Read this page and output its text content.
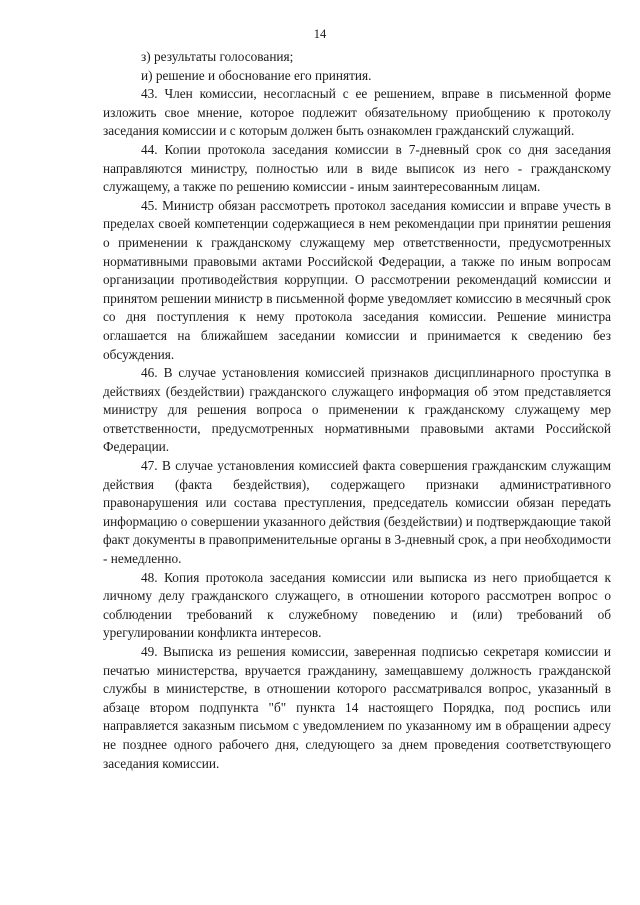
14

з) результаты голосования;

и) решение и обоснование его принятия.

43. Член комиссии, несогласный с ее решением, вправе в письменной форме изложить свое мнение, которое подлежит обязательному приобщению к протоколу заседания комиссии и с которым должен быть ознакомлен гражданский служащий.

44. Копии протокола заседания комиссии в 7-дневный срок со дня заседания направляются министру, полностью или в виде выписок из него - гражданскому служащему, а также по решению комиссии - иным заинтересованным лицам.

45. Министр обязан рассмотреть протокол заседания комиссии и вправе учесть в пределах своей компетенции содержащиеся в нем рекомендации при принятии решения о применении к гражданскому служащему мер ответственности, предусмотренных нормативными правовыми актами Российской Федерации, а также по иным вопросам организации противодействия коррупции. О рассмотрении рекомендаций комиссии и принятом решении министр в письменной форме уведомляет комиссию в месячный срок со дня поступления к нему протокола заседания комиссии. Решение министра оглашается на ближайшем заседании комиссии и принимается к сведению без обсуждения.

46. В случае установления комиссией признаков дисциплинарного проступка в действиях (бездействии) гражданского служащего информация об этом представляется министру для решения вопроса о применении к гражданскому служащему мер ответственности, предусмотренных нормативными правовыми актами Российской Федерации.

47. В случае установления комиссией факта совершения гражданским служащим действия (факта бездействия), содержащего признаки административного правонарушения или состава преступления, председатель комиссии обязан передать информацию о совершении указанного действия (бездействии) и подтверждающие такой факт документы в правоприменительные органы в 3-дневный срок, а при необходимости - немедленно.

48. Копия протокола заседания комиссии или выписка из него приобщается к личному делу гражданского служащего, в отношении которого рассмотрен вопрос о соблюдении требований к служебному поведению и (или) требований об урегулировании конфликта интересов.

49. Выписка из решения комиссии, заверенная подписью секретаря комиссии и печатью министерства, вручается гражданину, замещавшему должность гражданской службы в министерстве, в отношении которого рассматривался вопрос, указанный в абзаце втором подпункта "б" пункта 14 настоящего Порядка, под роспись или направляется заказным письмом с уведомлением по указанному им в обращении адресу не позднее одного рабочего дня, следующего за днем проведения соответствующего заседания комиссии.
